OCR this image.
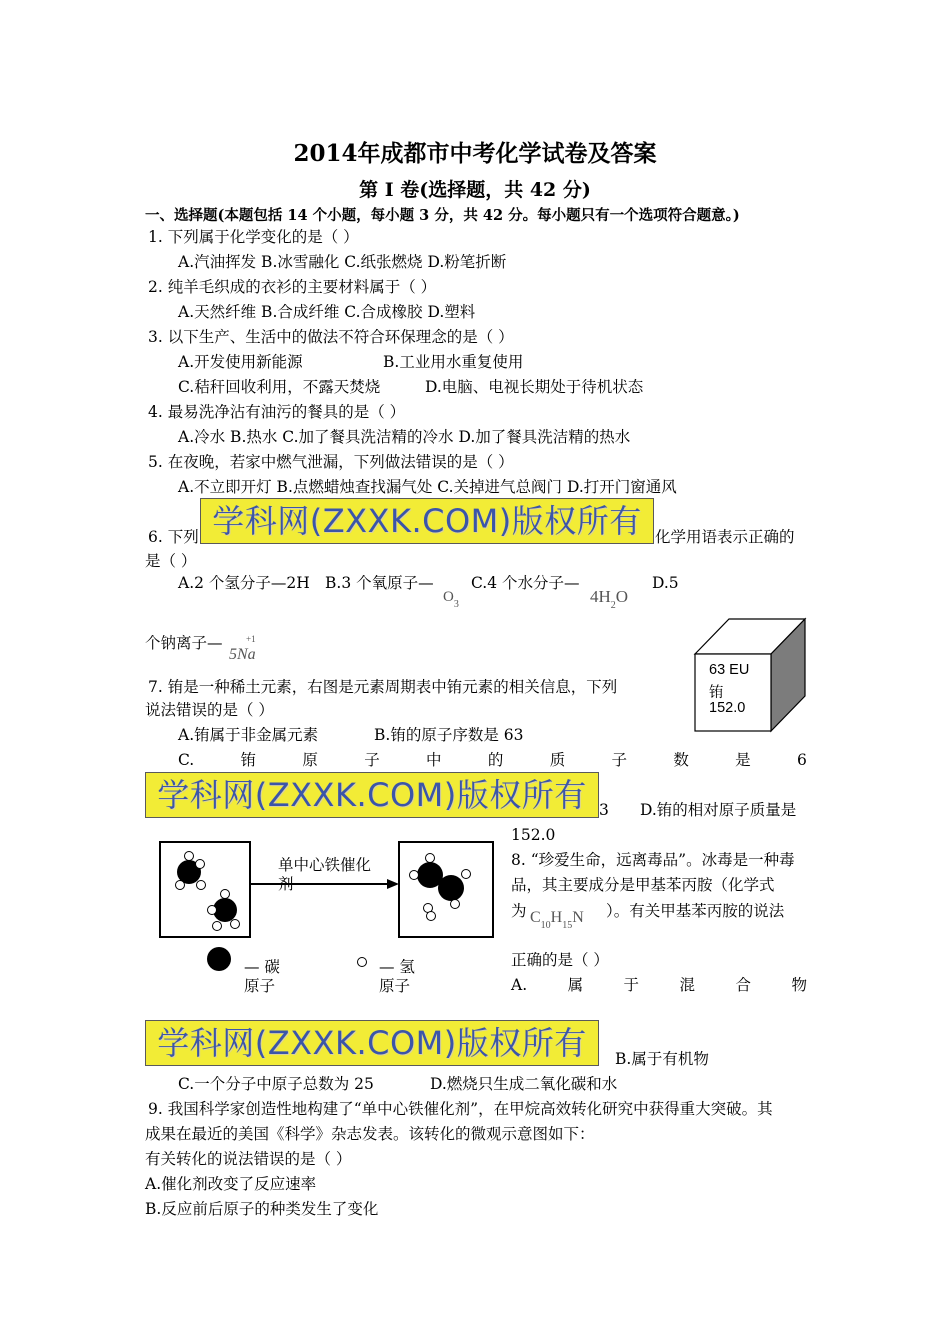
2014年成都市中考化学试卷及答案
第 I 卷(选择题，共 42 分)
一、选择题(本题包括 14 个小题，每小题 3 分，共 42 分。每小题只有一个选项符合题意。)
1. 下列属于化学变化的是（ ）
A.汽油挥发 B.冰雪融化 C.纸张燃烧 D.粉笔折断
2. 纯羊毛织成的衣衫的主要材料属于（ ）
A.天然纤维 B.合成纤维 C.合成橡胶 D.塑料
3. 以下生产、生活中的做法不符合环保理念的是（ ）
A.开发使用新能源	B.工业用水重复使用
C.秸秆回收利用，不露天焚烧	D.电脑、电视长期处于待机状态
4. 最易洗净沾有油污的餐具的是（ ）
A.冷水 B.热水 C.加了餐具洗洁精的冷水 D.加了餐具洗洁精的热水
5. 在夜晚，若家中燃气泄漏，下列做法错误的是（ ）
A.不立即开灯 B.点燃蜡烛查找漏气处 C.关掉进气总阀门 D.打开门窗通风
学科网(ZXXK.COM)版权所有
6. 下列	化学用语表示正确的
是（ ）
A.2 个氢分子—2H B.3 个氧原子—
$O_3$
C.4 个水分子—
$4H_2O$
D.5
个钠离子—	+1
5Na
63 EU
铕
152.0
7. 铕是一种稀土元素，右图是元素周期表中铕元素的相关信息，下列
说法错误的是（ ）
A.铕属于非金属元素	B.铕的原子序数是 63
C.	铕	原	子	中	的	质	子	数	是	6
学科网(ZXXK.COM)版权所有 3 D.铕的相对原子质量是
152.0
单中心铁催化
剂
— 碳
原子
— 氢
原子
8. “珍爱生命，远离毒品”。冰毒是一种毒
品，其主要成分是甲基苯丙胺（化学式
为 $C_{10}H_{15}N$ ）。有关甲基苯丙胺的说法
正确的是（ ）
A.	属	于	混	合	物
学科网(ZXXK.COM)版权所有	B.属于有机物
C.一个分子中原子总数为 25	D.燃烧只生成二氧化碳和水
9. 我国科学家创造性地构建了“单中心铁催化剂”，在甲烷高效转化研究中获得重大突破。其
成果在最近的美国《科学》杂志发表。该转化的微观示意图如下：
有关转化的说法错误的是（ ）
A.催化剂改变了反应速率
B.反应前后原子的种类发生了变化
